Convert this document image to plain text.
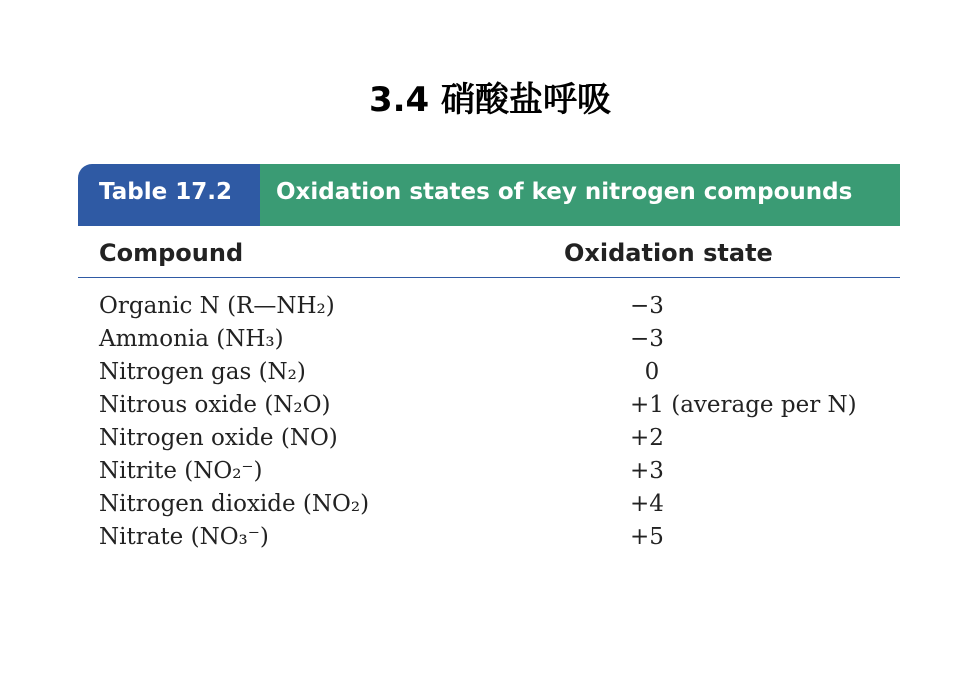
3.4 硝酸盐呼吸
Table 17.2	Oxidation states of key nitrogen compounds
Compound	Oxidation state
Organic N (R—NH₂)	−3
Ammonia (NH₃)	−3
Nitrogen gas (N₂)	0
Nitrous oxide (N₂O)	+1 (average per N)
Nitrogen oxide (NO)	+2
Nitrite (NO₂⁻)	+3
Nitrogen dioxide (NO₂)	+4
Nitrate (NO₃⁻)	+5
